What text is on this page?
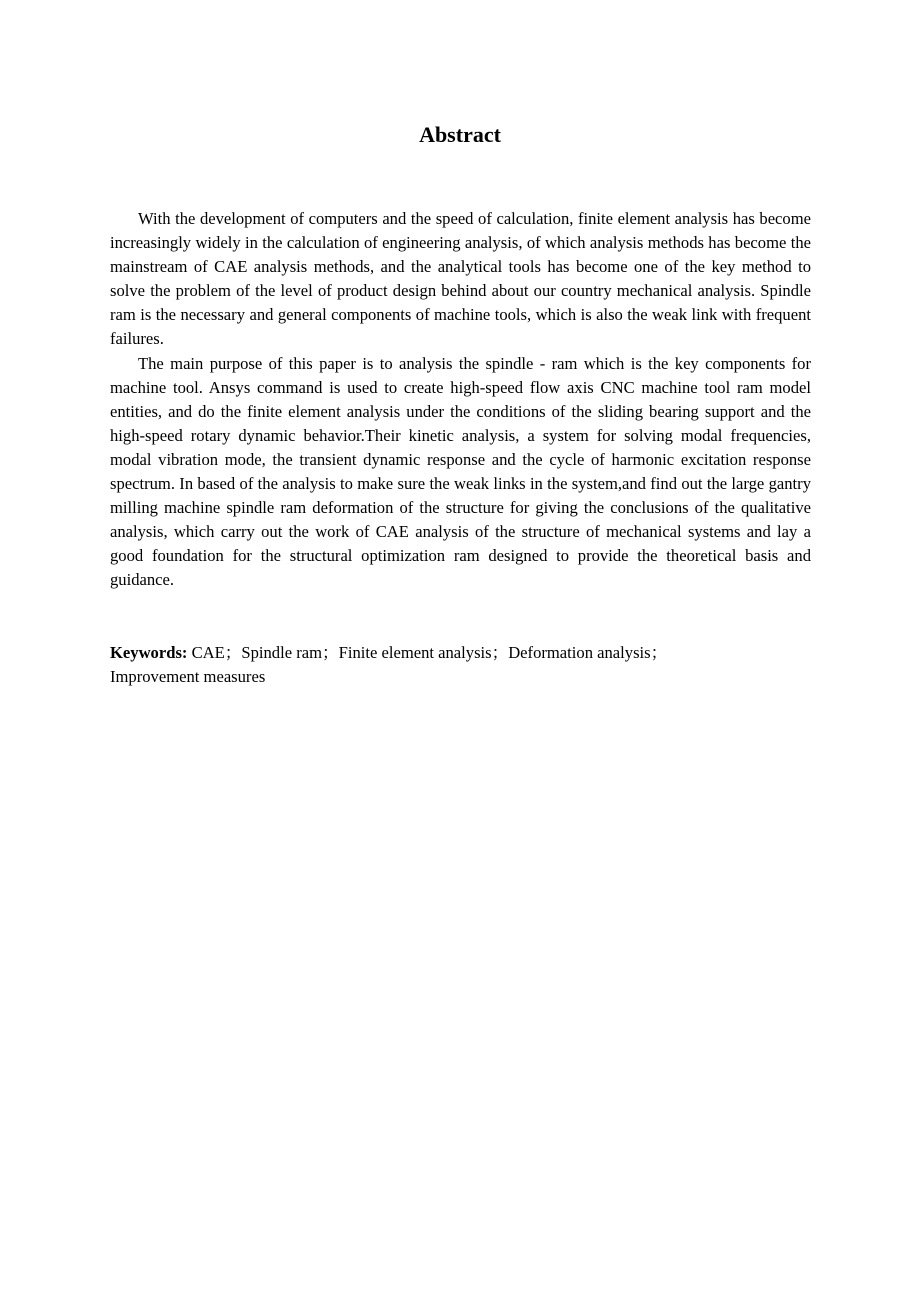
Abstract

With the development of computers and the speed of calculation, finite element analysis has become increasingly widely in the calculation of engineering analysis, of which analysis methods has become the mainstream of CAE analysis methods, and the analytical tools has become one of the key method to solve the problem of the level of product design behind about our country mechanical analysis. Spindle ram is the necessary and general components of machine tools, which is also the weak link with frequent failures.

The main purpose of this paper is to analysis the spindle - ram which is the key components for machine tool. Ansys command is used to create high-speed flow axis CNC machine tool ram model entities, and do the finite element analysis under the conditions of the sliding bearing support and the high-speed rotary dynamic behavior.Their kinetic analysis, a system for solving modal frequencies, modal vibration mode, the transient dynamic response and the cycle of harmonic excitation response spectrum. In based of the analysis to make sure the weak links in the system,and find out the large gantry milling machine spindle ram deformation of the structure for giving the conclusions of the qualitative analysis, which carry out the work of CAE analysis of the structure of mechanical systems and lay a good foundation for the structural optimization ram designed to provide the theoretical basis and guidance.

Keywords: CAE；Spindle ram；Finite element analysis；Deformation analysis；Improvement measures
